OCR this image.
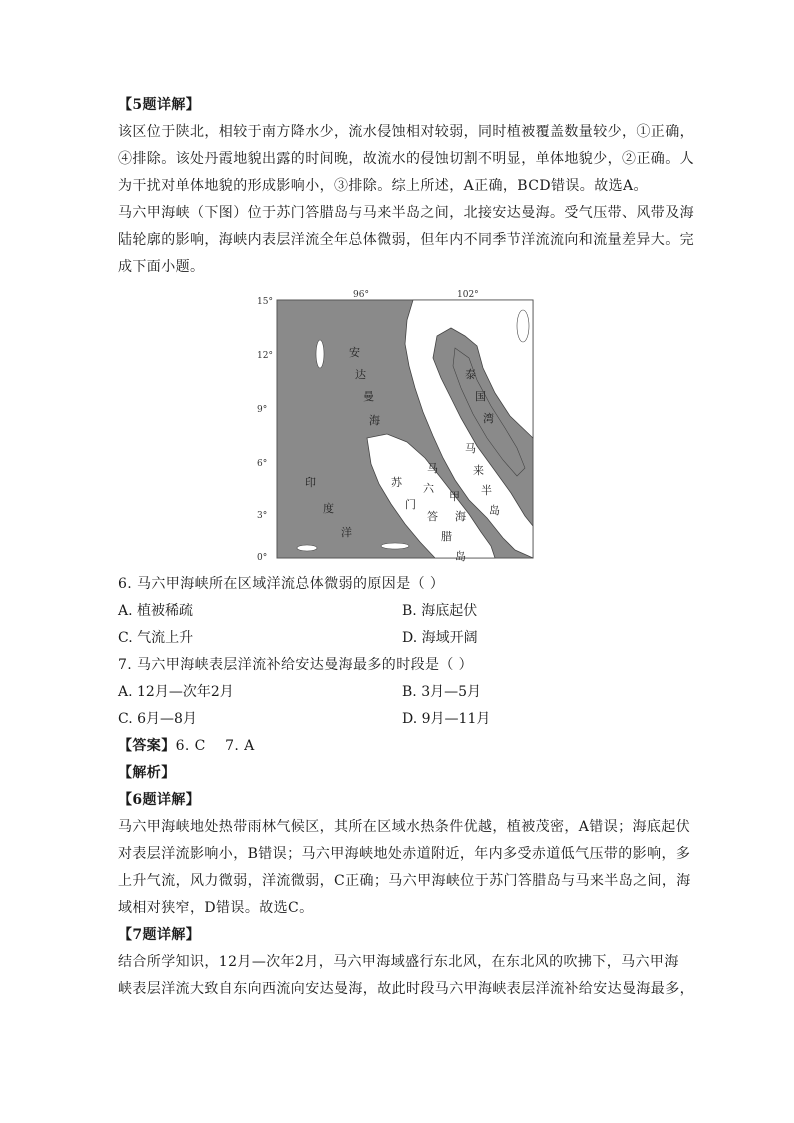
【5题详解】
该区位于陕北，相较于南方降水少，流水侵蚀相对较弱，同时植被覆盖数量较少，①正确，
④排除。该处丹霞地貌出露的时间晚，故流水的侵蚀切割不明显，单体地貌少，②正确。人
为干扰对单体地貌的形成影响小，③排除。综上所述，A正确，BCD错误。故选A。
马六甲海峡（下图）位于苏门答腊岛与马来半岛之间，北接安达曼海。受气压带、风带及海
陆轮廓的影响，海峡内表层洋流全年总体微弱，但年内不同季节洋流流向和流量差异大。完
成下面小题。
96°	102°
15°
12°
9°
6°
3°
0°
安
达
曼
海
泰
国
湾
马
来
半
岛
马
六
甲
海
苏
门
答
腊
岛
印
度
洋
6. 马六甲海峡所在区域洋流总体微弱的原因是（ ）
A. 植被稀疏	B. 海底起伏
C. 气流上升	D. 海域开阔
7. 马六甲海峡表层洋流补给安达曼海最多的时段是（ ）
A. 12月—次年2月	B. 3月—5月
C. 6月—8月	D. 9月—11月
【答案】6. C    7. A
【解析】
【6题详解】
马六甲海峡地处热带雨林气候区，其所在区域水热条件优越，植被茂密，A错误；海底起伏
对表层洋流影响小，B错误；马六甲海峡地处赤道附近，年内多受赤道低气压带的影响，多
上升气流，风力微弱，洋流微弱，C正确；马六甲海峡位于苏门答腊岛与马来半岛之间，海
域相对狭窄，D错误。故选C。
【7题详解】
结合所学知识，12月—次年2月，马六甲海域盛行东北风，在东北风的吹拂下，马六甲海
峡表层洋流大致自东向西流向安达曼海，故此时段马六甲海峡表层洋流补给安达曼海最多，
